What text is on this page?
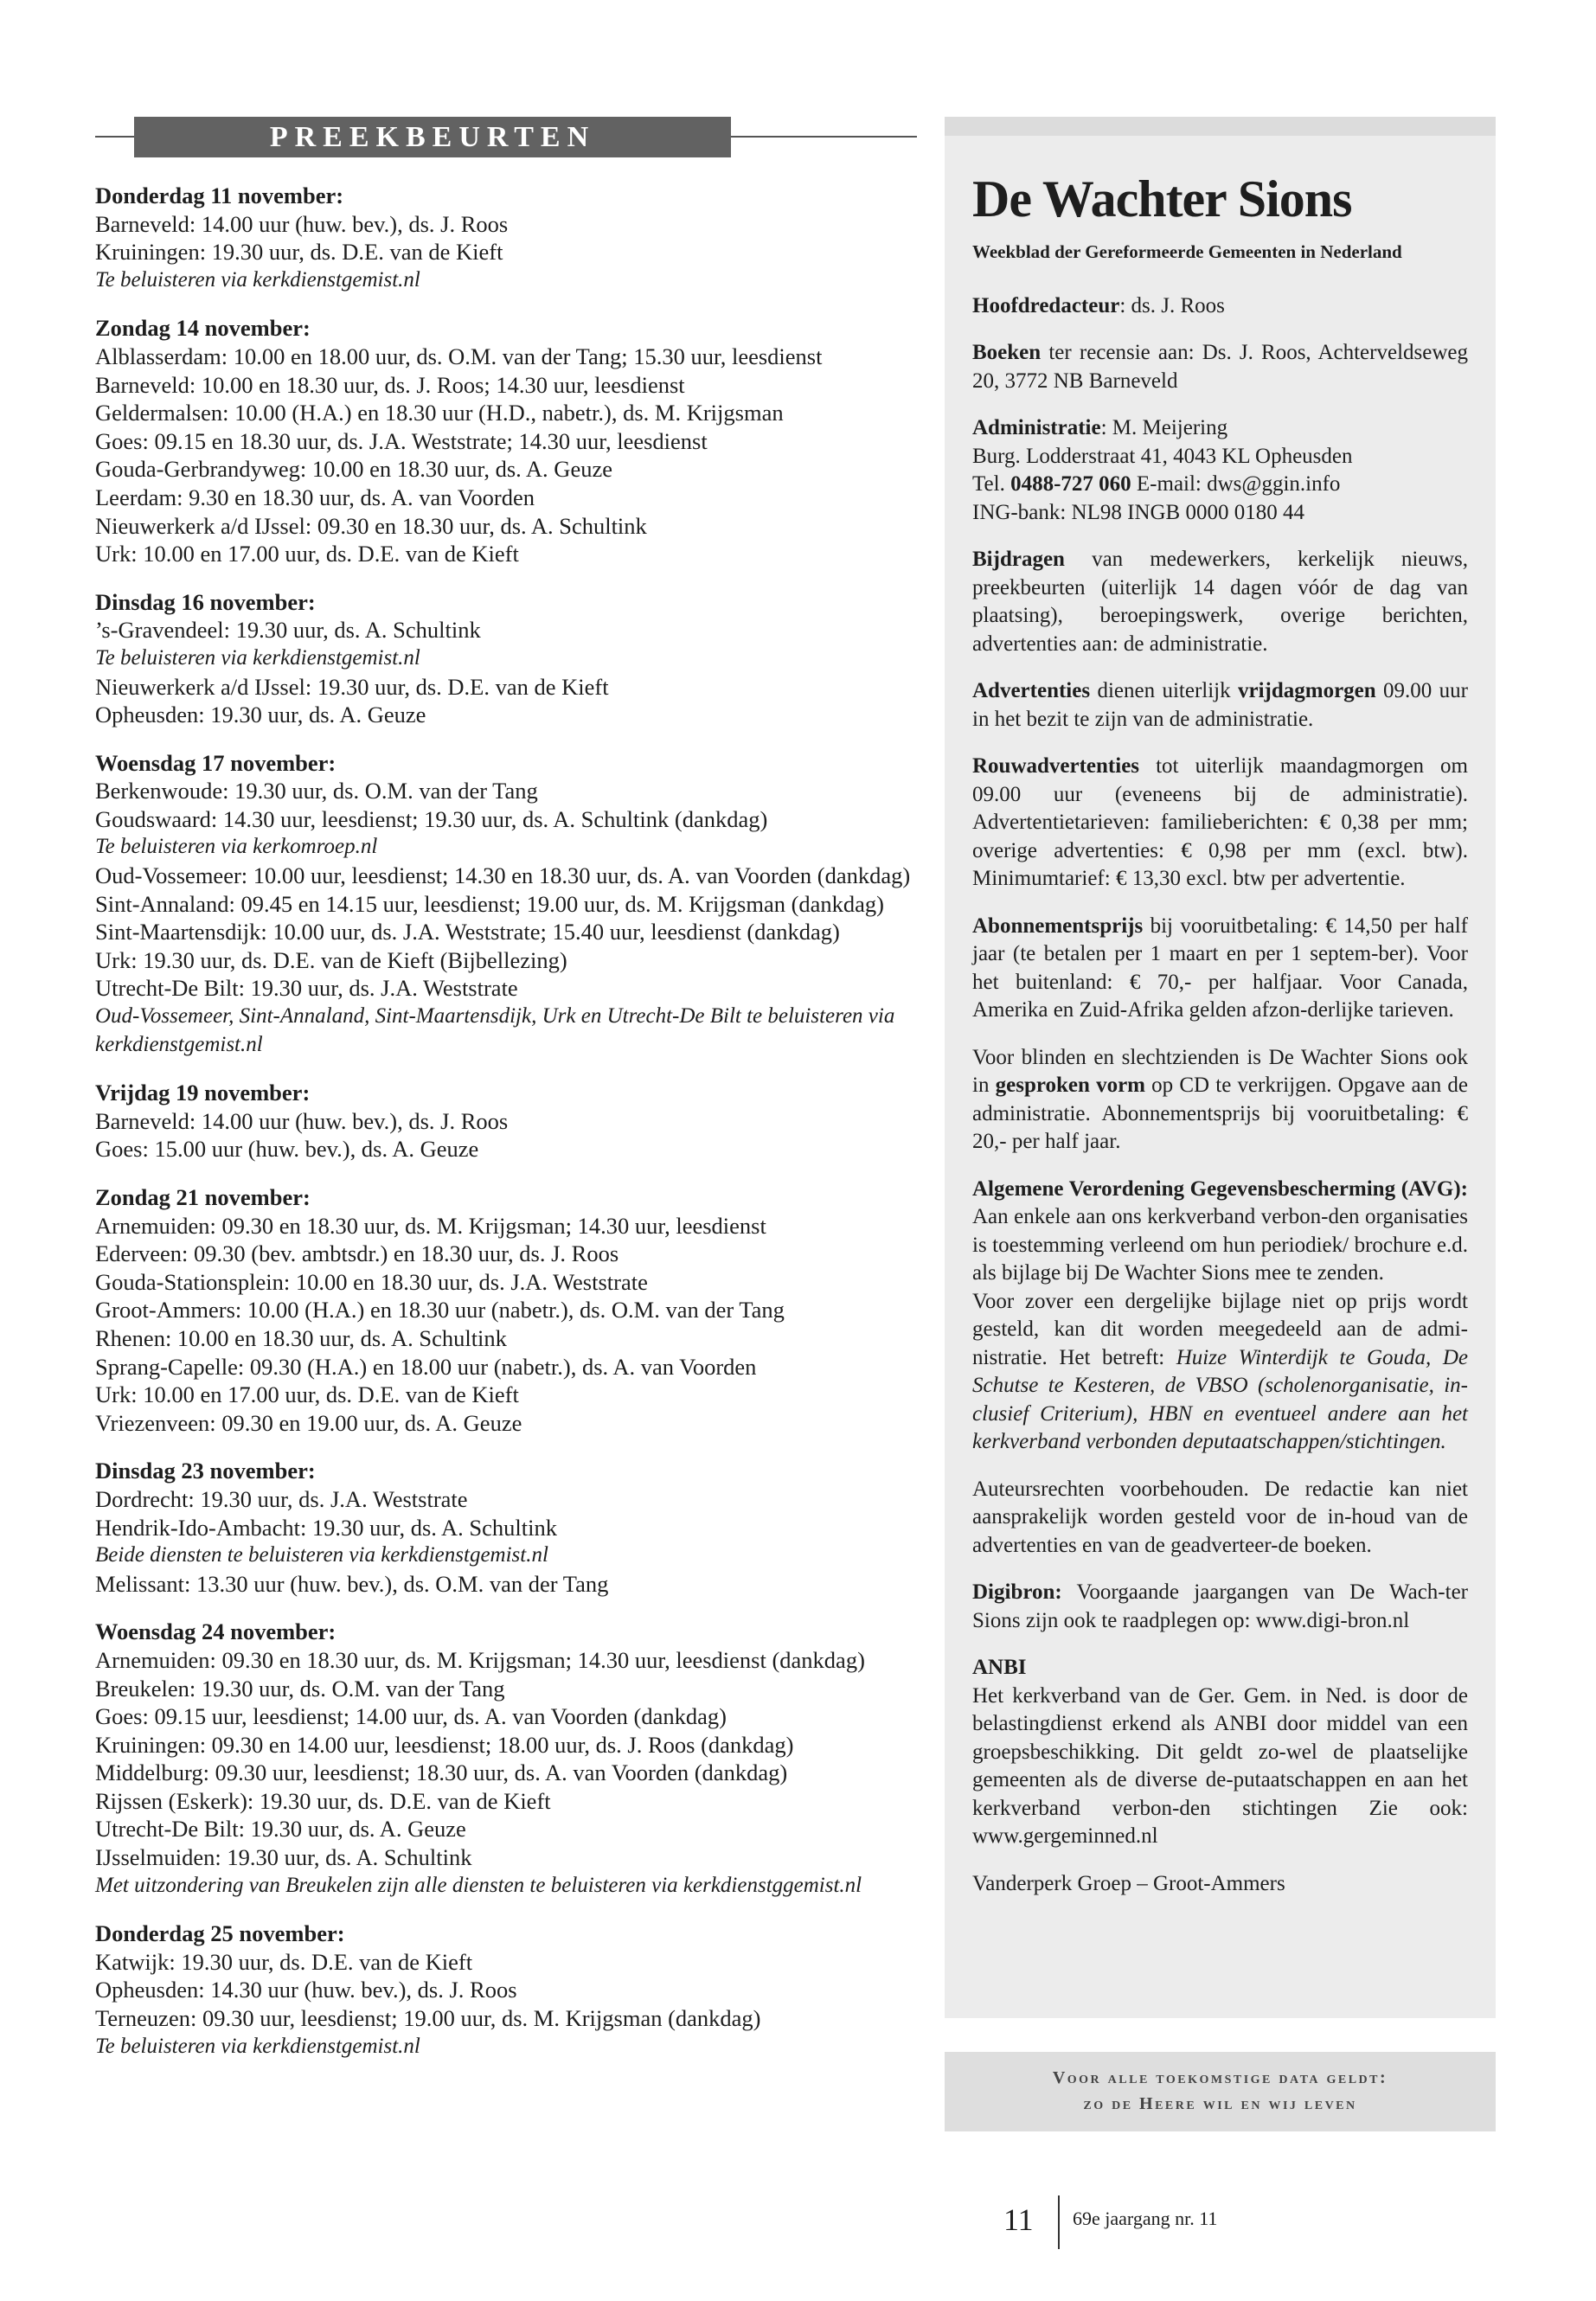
PREEKBEURTEN
Donderdag 11 november:
Barneveld: 14.00 uur (huw. bev.), ds. J. Roos
Kruiningen: 19.30 uur, ds. D.E. van de Kieft
Te beluisteren via kerkdienstgemist.nl
Zondag 14 november:
Alblasserdam: 10.00 en 18.00 uur, ds. O.M. van der Tang; 15.30 uur, leesdienst
Barneveld: 10.00 en 18.30 uur, ds. J. Roos; 14.30 uur, leesdienst
Geldermalsen: 10.00 (H.A.) en 18.30 uur (H.D., nabetr.), ds. M. Krijgsman
Goes: 09.15 en 18.30 uur, ds. J.A. Weststrate; 14.30 uur, leesdienst
Gouda-Gerbrandyweg: 10.00 en 18.30 uur, ds. A. Geuze
Leerdam: 9.30 en 18.30 uur, ds. A. van Voorden
Nieuwerkerk a/d IJssel: 09.30 en 18.30 uur, ds. A. Schultink
Urk: 10.00 en 17.00 uur, ds. D.E. van de Kieft
Dinsdag 16 november:
’s-Gravendeel: 19.30 uur, ds. A. Schultink
Te beluisteren via kerkdienstgemist.nl
Nieuwerkerk a/d IJssel: 19.30 uur, ds. D.E. van de Kieft
Opheusden: 19.30 uur, ds. A. Geuze
Woensdag 17 november:
Berkenwoude: 19.30 uur, ds. O.M. van der Tang
Goudswaard: 14.30 uur, leesdienst; 19.30 uur, ds. A. Schultink (dankdag)
Te beluisteren via kerkomroep.nl
Oud-Vossemeer: 10.00 uur, leesdienst; 14.30 en 18.30 uur, ds. A. van Voorden (dankdag)
Sint-Annaland: 09.45 en 14.15 uur, leesdienst; 19.00 uur, ds. M. Krijgsman (dankdag)
Sint-Maartensdijk: 10.00 uur, ds. J.A. Weststrate; 15.40 uur, leesdienst (dankdag)
Urk: 19.30 uur, ds. D.E. van de Kieft (Bijbellezing)
Utrecht-De Bilt: 19.30 uur, ds. J.A. Weststrate
Oud-Vossemeer, Sint-Annaland, Sint-Maartensdijk, Urk en Utrecht-De Bilt te beluisteren via kerkdienstgemist.nl
Vrijdag 19 november:
Barneveld: 14.00 uur (huw. bev.), ds. J. Roos
Goes: 15.00 uur (huw. bev.), ds. A. Geuze
Zondag 21 november:
Arnemuiden: 09.30 en 18.30 uur, ds. M. Krijgsman; 14.30 uur, leesdienst
Ederveen: 09.30 (bev. ambtsdr.) en 18.30 uur, ds. J. Roos
Gouda-Stationsplein: 10.00 en 18.30 uur, ds. J.A. Weststrate
Groot-Ammers: 10.00 (H.A.) en 18.30 uur (nabetr.), ds. O.M. van der Tang
Rhenen: 10.00 en 18.30 uur, ds. A. Schultink
Sprang-Capelle: 09.30 (H.A.) en 18.00 uur (nabetr.), ds. A. van Voorden
Urk: 10.00 en 17.00 uur, ds. D.E. van de Kieft
Vriezenveen: 09.30 en 19.00 uur, ds. A. Geuze
Dinsdag 23 november:
Dordrecht: 19.30 uur, ds. J.A. Weststrate
Hendrik-Ido-Ambacht: 19.30 uur, ds. A. Schultink
Beide diensten te beluisteren via kerkdienstgemist.nl
Melissant: 13.30 uur (huw. bev.), ds. O.M. van der Tang
Woensdag 24 november:
Arnemuiden: 09.30 en 18.30 uur, ds. M. Krijgsman; 14.30 uur, leesdienst (dankdag)
Breukelen: 19.30 uur, ds. O.M. van der Tang
Goes: 09.15 uur, leesdienst; 14.00 uur, ds. A. van Voorden (dankdag)
Kruiningen: 09.30 en 14.00 uur, leesdienst; 18.00 uur, ds. J. Roos (dankdag)
Middelburg: 09.30 uur, leesdienst; 18.30 uur, ds. A. van Voorden (dankdag)
Rijssen (Eskerk): 19.30 uur, ds. D.E. van de Kieft
Utrecht-De Bilt: 19.30 uur, ds. A. Geuze
IJsselmuiden: 19.30 uur, ds. A. Schultink
Met uitzondering van Breukelen zijn alle diensten te beluisteren via kerkdienstggemist.nl
Donderdag 25 november:
Katwijk: 19.30 uur, ds. D.E. van de Kieft
Opheusden: 14.30 uur (huw. bev.), ds. J. Roos
Terneuzen: 09.30 uur, leesdienst; 19.00 uur, ds. M. Krijgsman (dankdag)
Te beluisteren via kerkdienstgemist.nl
De Wachter Sions
Weekblad der Gereformeerde Gemeenten in Nederland
Hoofdredacteur: ds. J. Roos
Boeken ter recensie aan: Ds. J. Roos, Achterveldseweg 20, 3772 NB Barneveld
Administratie: M. Meijering
Burg. Lodderstraat 41, 4043 KL Opheusden
Tel. 0488-727 060 E-mail: dws@ggin.info
ING-bank: NL98 INGB 0000 0180 44
Bijdragen van medewerkers, kerkelijk nieuws, preekbeurten (uiterlijk 14 dagen vóór de dag van plaatsing), beroepingswerk, overige berichten, advertenties aan: de administratie.
Advertenties dienen uiterlijk vrijdagmorgen 09.00 uur in het bezit te zijn van de administratie.
Rouwadvertenties tot uiterlijk maandagmorgen om 09.00 uur (eveneens bij de administratie). Advertentietarieven: familieberichten: € 0,38 per mm; overige advertenties: € 0,98 per mm (excl. btw). Minimumtarief: € 13,30 excl. btw per advertentie.
Abonnementsprijs bij vooruitbetaling: € 14,50 per half jaar (te betalen per 1 maart en per 1 septem-ber). Voor het buitenland: € 70,- per halfjaar. Voor Canada, Amerika en Zuid-Afrika gelden afzon-derlijke tarieven.
Voor blinden en slechtzienden is De Wachter Sions ook in gesproken vorm op CD te verkrijgen. Opgave aan de administratie. Abonnementsprijs bij vooruitbetaling: € 20,- per half jaar.
Algemene Verordening Gegevensbescherming (AVG): Aan enkele aan ons kerkverband verbon-den organisaties is toestemming verleend om hun periodiek/ brochure e.d. als bijlage bij De Wachter Sions mee te zenden.
Voor zover een dergelijke bijlage niet op prijs wordt gesteld, kan dit worden meegedeeld aan de admi-nistratie. Het betreft: Huize Winterdijk te Gouda, De Schutse te Kesteren, de VBSO (scholenorganisatie, in-clusief Criterium), HBN en eventueel andere aan het kerkverband verbonden deputaatschappen/stichtingen.
Auteursrechten voorbehouden. De redactie kan niet aansprakelijk worden gesteld voor de in-houd van de advertenties en van de geadverteer-de boeken.
Digibron: Voorgaande jaargangen van De Wach-ter Sions zijn ook te raadplegen op: www.digi-bron.nl
ANBI
Het kerkverband van de Ger. Gem. in Ned. is door de belastingdienst erkend als ANBI door middel van een groepsbeschikking. Dit geldt zo-wel de plaatselijke gemeenten als de diverse de-putaatschappen en aan het kerkverband verbon-den stichtingen Zie ook: www.gergeminned.nl
Vanderperk Groep – Groot-Ammers
Voor alle toekomstige data geldt:
zo de Heere wil en wij leven
11 69e jaargang nr. 11
